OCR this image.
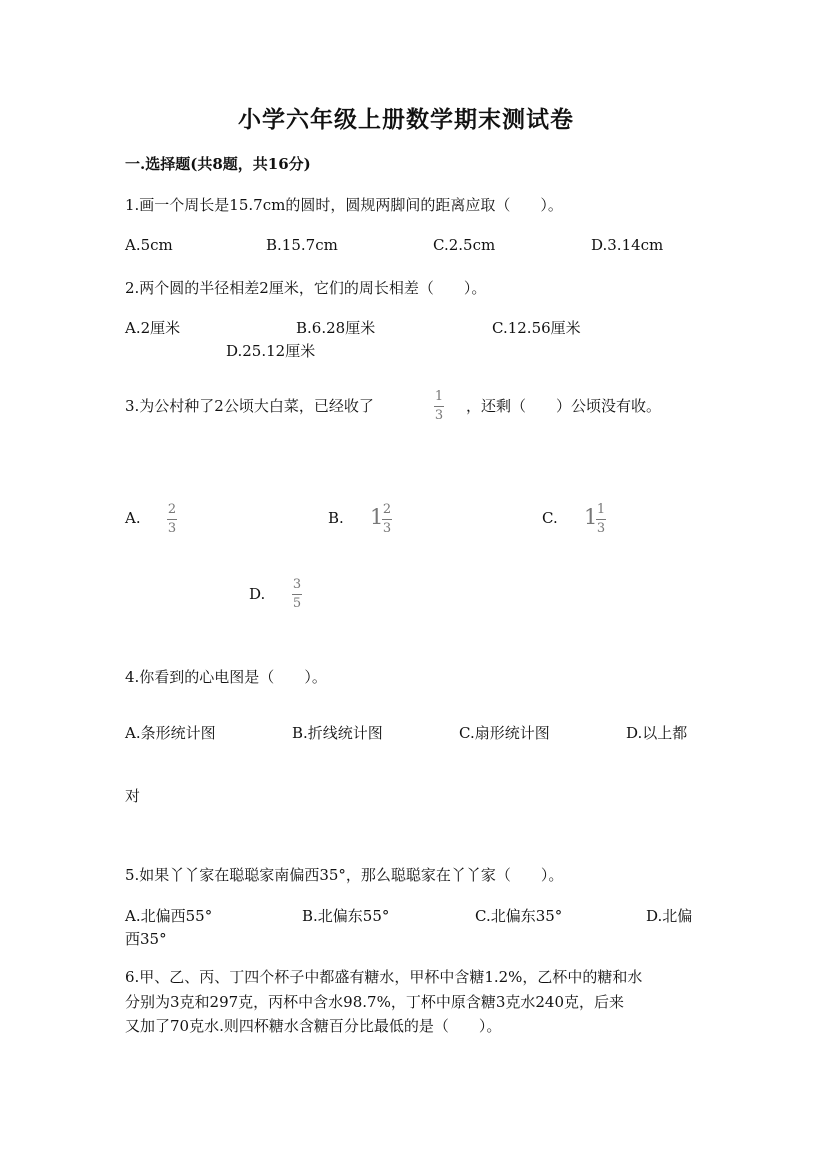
小学六年级上册数学期末测试卷
一.选择题(共8题，共16分)
1.画一个周长是15.7cm的圆时，圆规两脚间的距离应取（　　）。
A.5cm	B.15.7cm	C.2.5cm	D.3.14cm
2.两个圆的半径相差2厘米，它们的周长相差（　　）。
A.2厘米	B.6.28厘米	C.12.56厘米
D.25.12厘米
3.为公村种了2公顷大白菜，已经收了
1
3
，还剩（　　）公顷没有收。
A. 2
3
B. 1 2
3
C. 1 1
3
D.
3
5
4.你看到的心电图是（　　）。
A.条形统计图	B.折线统计图	C.扇形统计图	D.以上都
对
5.如果丫丫家在聪聪家南偏西35°，那么聪聪家在丫丫家（　　）。
A.北偏西55°	B.北偏东55°	C.北偏东35°	D.北偏
西35°
6.甲、乙、丙、丁四个杯子中都盛有糖水，甲杯中含糖1.2%，乙杯中的糖和水
分别为3克和297克，丙杯中含水98.7%，丁杯中原含糖3克水240克，后来
又加了70克水.则四杯糖水含糖百分比最低的是（　　）。
